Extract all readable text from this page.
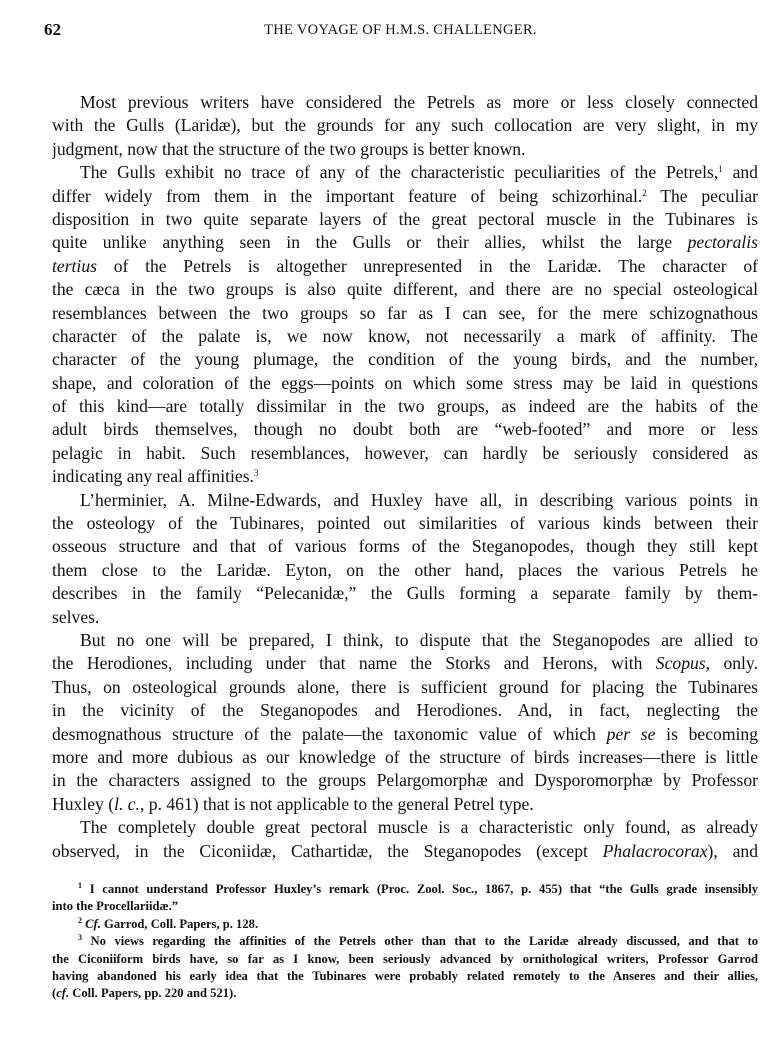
62	THE VOYAGE OF H.M.S. CHALLENGER.
Most previous writers have considered the Petrels as more or less closely connected
with the Gulls (Laridæ), but the grounds for any such collocation are very slight, in my
judgment, now that the structure of the two groups is better known.
The Gulls exhibit no trace of any of the characteristic peculiarities of the Petrels,$^1$ and
differ widely from them in the important feature of being schizorhinal.$^2$ The peculiar
disposition in two quite separate layers of the great pectoral muscle in the Tubinares is
quite unlike anything seen in the Gulls or their allies, whilst the large pectoralis
tertius of the Petrels is altogether unrepresented in the Laridæ. The character of
the cæca in the two groups is also quite different, and there are no special osteological
resemblances between the two groups so far as I can see, for the mere schizognathous
character of the palate is, we now know, not necessarily a mark of affinity. The
character of the young plumage, the condition of the young birds, and the number,
shape, and coloration of the eggs—points on which some stress may be laid in questions
of this kind—are totally dissimilar in the two groups, as indeed are the habits of the
adult birds themselves, though no doubt both are “web-footed” and more or less
pelagic in habit. Such resemblances, however, can hardly be seriously considered as
indicating any real affinities.$^3$
L’herminier, A. Milne-Edwards, and Huxley have all, in describing various points in
the osteology of the Tubinares, pointed out similarities of various kinds between their
osseous structure and that of various forms of the Steganopodes, though they still kept
them close to the Laridæ. Eyton, on the other hand, places the various Petrels he
describes in the family “Pelecanidæ,” the Gulls forming a separate family by them-
selves.
But no one will be prepared, I think, to dispute that the Steganopodes are allied to
the Herodiones, including under that name the Storks and Herons, with Scopus, only.
Thus, on osteological grounds alone, there is sufficient ground for placing the Tubinares
in the vicinity of the Steganopodes and Herodiones. And, in fact, neglecting the
desmognathous structure of the palate—the taxonomic value of which per se is becoming
more and more dubious as our knowledge of the structure of birds increases—there is little
in the characters assigned to the groups Pelargomorphæ and Dysporomorphæ by Professor
Huxley (l. c., p. 461) that is not applicable to the general Petrel type.
The completely double great pectoral muscle is a characteristic only found, as already
observed, in the Ciconiidæ, Cathartidæ, the Steganopodes (except Phalacrocorax), and
$^1$ I cannot understand Professor Huxley’s remark (Proc. Zool. Soc., 1867, p. 455) that “the Gulls grade insensibly
into the Procellariidæ.”
$^2$ Cf. Garrod, Coll. Papers, p. 128.
$^3$ No views regarding the affinities of the Petrels other than that to the Laridæ already discussed, and that to
the Ciconiiform birds have, so far as I know, been seriously advanced by ornithological writers, Professor Garrod
having abandoned his early idea that the Tubinares were probably related remotely to the Anseres and their allies,
(cf. Coll. Papers, pp. 220 and 521).
